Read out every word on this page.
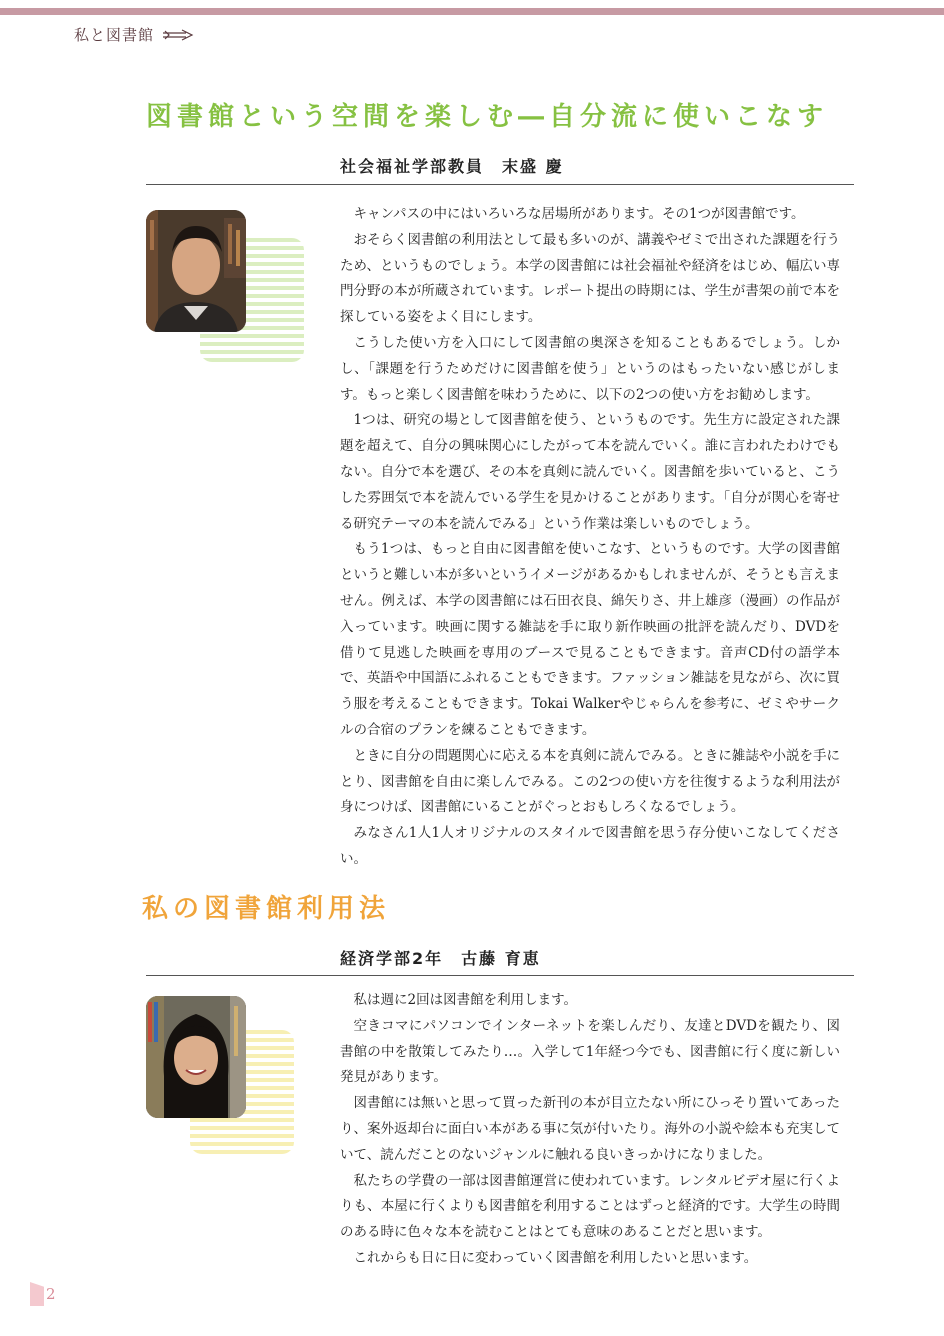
私と図書館
図書館という空間を楽しむ―自分流に使いこなす
社会福祉学部教員　末盛 慶

キャンパスの中にはいろいろな居場所があります。その1つが図書館です。

おそらく図書館の利用法として最も多いのが、講義やゼミで出された課題を行うため、というものでしょう。本学の図書館には社会福祉や経済をはじめ、幅広い専門分野の本が所蔵されています。レポート提出の時期には、学生が書架の前で本を探している姿をよく目にします。

こうした使い方を入口にして図書館の奥深さを知ることもあるでしょう。しかし、「課題を行うためだけに図書館を使う」というのはもったいない感じがします。もっと楽しく図書館を味わうために、以下の2つの使い方をお勧めします。

1つは、研究の場として図書館を使う、というものです。先生方に設定された課題を超えて、自分の興味関心にしたがって本を読んでいく。誰に言われたわけでもない。自分で本を選び、その本を真剣に読んでいく。図書館を歩いていると、こうした雰囲気で本を読んでいる学生を見かけることがあります。「自分が関心を寄せる研究テーマの本を読んでみる」という作業は楽しいものでしょう。

もう1つは、もっと自由に図書館を使いこなす、というものです。大学の図書館というと難しい本が多いというイメージがあるかもしれませんが、そうとも言えません。例えば、本学の図書館には石田衣良、綿矢りさ、井上雄彦（漫画）の作品が入っています。映画に関する雑誌を手に取り新作映画の批評を読んだり、DVDを借りて見逃した映画を専用のブースで見ることもできます。音声CD付の語学本で、英語や中国語にふれることもできます。ファッション雑誌を見ながら、次に買う服を考えることもできます。Tokai Walkerやじゃらんを参考に、ゼミやサークルの合宿のプランを練ることもできます。

ときに自分の問題関心に応える本を真剣に読んでみる。ときに雑誌や小説を手にとり、図書館を自由に楽しんでみる。この2つの使い方を往復するような利用法が身につけば、図書館にいることがぐっとおもしろくなるでしょう。

みなさん1人1人オリジナルのスタイルで図書館を思う存分使いこなしてください。

私の図書館利用法
経済学部2年　古藤 育恵

私は週に2回は図書館を利用します。

空きコマにパソコンでインターネットを楽しんだり、友達とDVDを観たり、図書館の中を散策してみたり…。入学して1年経つ今でも、図書館に行く度に新しい発見があります。

図書館には無いと思って買った新刊の本が目立たない所にひっそり置いてあったり、案外返却台に面白い本がある事に気が付いたり。海外の小説や絵本も充実していて、読んだことのないジャンルに触れる良いきっかけになりました。

私たちの学費の一部は図書館運営に使われています。レンタルビデオ屋に行くよりも、本屋に行くよりも図書館を利用することはずっと経済的です。大学生の時間のある時に色々な本を読むことはとても意味のあることだと思います。

これからも日に日に変わっていく図書館を利用したいと思います。

2
